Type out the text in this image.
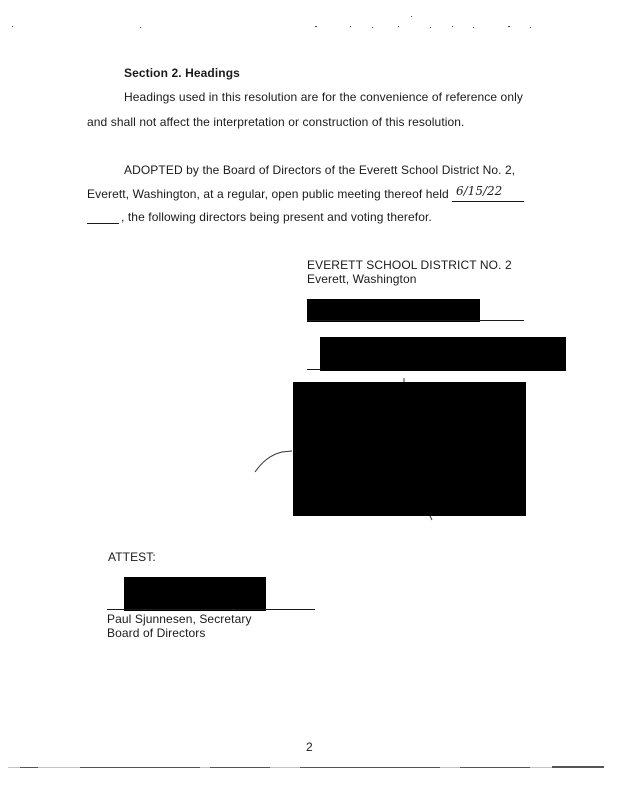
Section 2. Headings
Headings used in this resolution are for the convenience of reference only
and shall not affect the interpretation or construction of this resolution.
ADOPTED by the Board of Directors of the Everett School District No. 2,
Everett, Washington, at a regular, open public meeting thereof held 6/15/22
, the following directors being present and voting therefor.
EVERETT SCHOOL DISTRICT NO. 2
Everett, Washington
ATTEST:
Paul Sjunnesen, Secretary
Board of Directors
2
